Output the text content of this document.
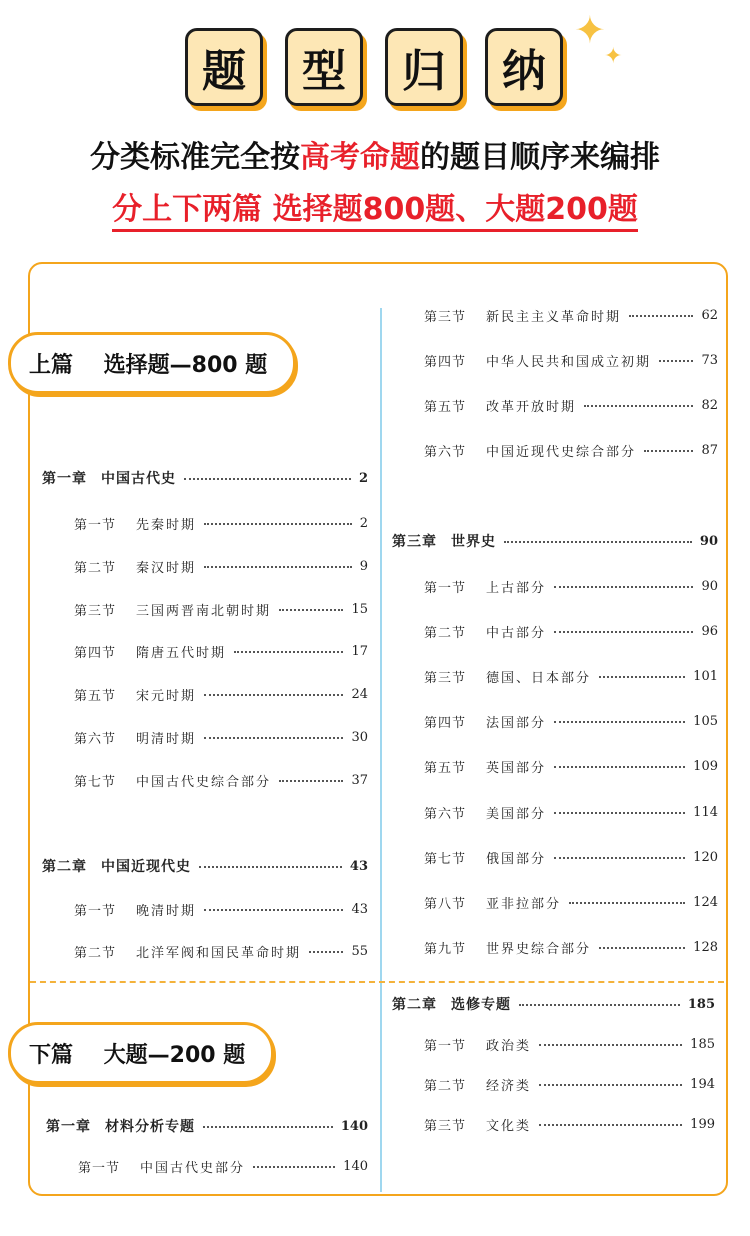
题	型	归	纳
✦
✦
分类标准完全按高考命题的题目顺序来编排
分上下两篇 选择题800题、大题200题
上篇    选择题—800 题
下篇    大题—200 题
第一章 中国古代史	2
第一节 先秦时期	2
第二节 秦汉时期	9
第三节 三国两晋南北朝时期	15
第四节 隋唐五代时期	17
第五节 宋元时期	24
第六节 明清时期	30
第七节 中国古代史综合部分	37
第二章 中国近现代史	43
第一节 晚清时期	43
第二节 北洋军阀和国民革命时期	55
第三节 新民主主义革命时期	62
第四节 中华人民共和国成立初期	73
第五节 改革开放时期	82
第六节 中国近现代史综合部分	87
第三章 世界史	90
第一节 上古部分	90
第二节 中古部分	96
第三节 德国、日本部分	101
第四节 法国部分	105
第五节 英国部分	109
第六节 美国部分	114
第七节 俄国部分	120
第八节 亚非拉部分	124
第九节 世界史综合部分	128
第一章 材料分析专题	140
第一节 中国古代史部分	140
第二章 选修专题	185
第一节 政治类	185
第二节 经济类	194
第三节 文化类	199
